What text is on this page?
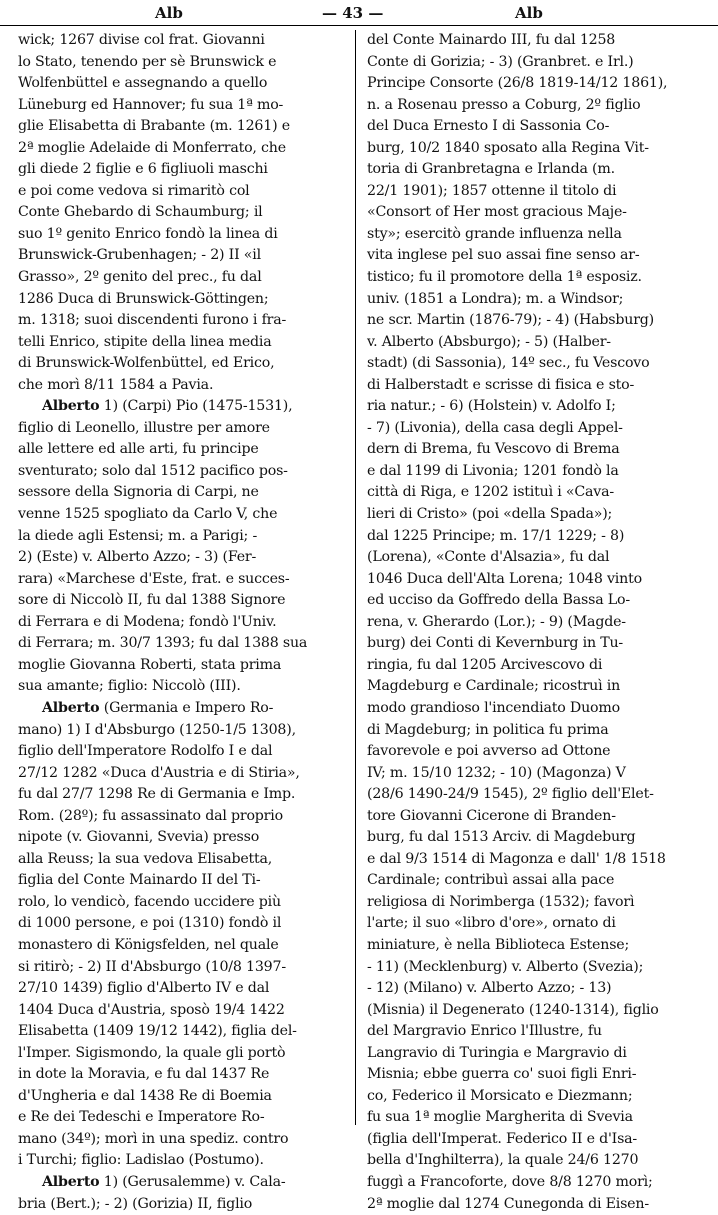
Alb	— 43 —	Alb
wick; 1267 divise col frat. Giovanni
lo Stato, tenendo per sè Brunswick e
Wolfenbüttel e assegnando a quello
Lüneburg ed Hannover; fu sua 1ª mo-
glie Elisabetta di Brabante (m. 1261) e
2ª moglie Adelaide di Monferrato, che
gli diede 2 figlie e 6 figliuoli maschi
e poi come vedova si rimaritò col
Conte Ghebardo di Schaumburg; il
suo 1º genito Enrico fondò la linea di
Brunswick-Grubenhagen; - 2) II «il
Grasso», 2º genito del prec., fu dal
1286 Duca di Brunswick-Göttingen;
m. 1318; suoi discendenti furono i fra-
telli Enrico, stipite della linea media
di Brunswick-Wolfenbüttel, ed Erico,
che morì 8/11 1584 a Pavia.
Alberto 1) (Carpi) Pio (1475-1531),
figlio di Leonello, illustre per amore
alle lettere ed alle arti, fu principe
sventurato; solo dal 1512 pacifico pos-
sessore della Signoria di Carpi, ne
venne 1525 spogliato da Carlo V, che
la diede agli Estensi; m. a Parigi; -
2) (Este) v. Alberto Azzo; - 3) (Fer-
rara) «Marchese d'Este, frat. e succes-
sore di Niccolò II, fu dal 1388 Signore
di Ferrara e di Modena; fondò l'Univ.
di Ferrara; m. 30/7 1393; fu dal 1388 sua
moglie Giovanna Roberti, stata prima
sua amante; figlio: Niccolò (III).
Alberto (Germania e Impero Ro-
mano) 1) I d'Absburgo (1250-1/5 1308),
figlio dell'Imperatore Rodolfo I e dal
27/12 1282 «Duca d'Austria e di Stiria»,
fu dal 27/7 1298 Re di Germania e Imp.
Rom. (28º); fu assassinato dal proprio
nipote (v. Giovanni, Svevia) presso
alla Reuss; la sua vedova Elisabetta,
figlia del Conte Mainardo II del Ti-
rolo, lo vendicò, facendo uccidere più
di 1000 persone, e poi (1310) fondò il
monastero di Königsfelden, nel quale
si ritirò; - 2) II d'Absburgo (10/8 1397-
27/10 1439) figlio d'Alberto IV e dal
1404 Duca d'Austria, sposò 19/4 1422
Elisabetta (1409 19/12 1442), figlia del-
l'Imper. Sigismondo, la quale gli portò
in dote la Moravia, e fu dal 1437 Re
d'Ungheria e dal 1438 Re di Boemia
e Re dei Tedeschi e Imperatore Ro-
mano (34º); morì in una spediz. contro
i Turchi; figlio: Ladislao (Postumo).
Alberto 1) (Gerusalemme) v. Cala-
bria (Bert.); - 2) (Gorizia) II, figlio
del Conte Mainardo III, fu dal 1258
Conte di Gorizia; - 3) (Granbret. e Irl.)
Principe Consorte (26/8 1819-14/12 1861),
n. a Rosenau presso a Coburg, 2º figlio
del Duca Ernesto I di Sassonia Co-
burg, 10/2 1840 sposato alla Regina Vit-
toria di Granbretagna e Irlanda (m.
22/1 1901); 1857 ottenne il titolo di
«Consort of Her most gracious Maje-
sty»; esercitò grande influenza nella
vita inglese pel suo assai fine senso ar-
tistico; fu il promotore della 1ª esposiz.
univ. (1851 a Londra); m. a Windsor;
ne scr. Martin (1876-79); - 4) (Habsburg)
v. Alberto (Absburgo); - 5) (Halber-
stadt) (di Sassonia), 14º sec., fu Vescovo
di Halberstadt e scrisse di fisica e sto-
ria natur.; - 6) (Holstein) v. Adolfo I;
- 7) (Livonia), della casa degli Appel-
dern di Brema, fu Vescovo di Brema
e dal 1199 di Livonia; 1201 fondò la
città di Riga, e 1202 istituì i «Cava-
lieri di Cristo» (poi «della Spada»);
dal 1225 Principe; m. 17/1 1229; - 8)
(Lorena), «Conte d'Alsazia», fu dal
1046 Duca dell'Alta Lorena; 1048 vinto
ed ucciso da Goffredo della Bassa Lo-
rena, v. Gherardo (Lor.); - 9) (Magde-
burg) dei Conti di Kevernburg in Tu-
ringia, fu dal 1205 Arcivescovo di
Magdeburg e Cardinale; ricostruì in
modo grandioso l'incendiato Duomo
di Magdeburg; in politica fu prima
favorevole e poi avverso ad Ottone
IV; m. 15/10 1232; - 10) (Magonza) V
(28/6 1490-24/9 1545), 2º figlio dell'Elet-
tore Giovanni Cicerone di Branden-
burg, fu dal 1513 Arciv. di Magdeburg
e dal 9/3 1514 di Magonza e dall' 1/8 1518
Cardinale; contribuì assai alla pace
religiosa di Norimberga (1532); favorì
l'arte; il suo «libro d'ore», ornato di
miniature, è nella Biblioteca Estense;
- 11) (Mecklenburg) v. Alberto (Svezia);
- 12) (Milano) v. Alberto Azzo; - 13)
(Misnia) il Degenerato (1240-1314), figlio
del Margravio Enrico l'Illustre, fu
Langravio di Turingia e Margravio di
Misnia; ebbe guerra co' suoi figli Enri-
co, Federico il Morsicato e Diezmann;
fu sua 1ª moglie Margherita di Svevia
(figlia dell'Imperat. Federico II e d'Isa-
bella d'Inghilterra), la quale 24/6 1270
fuggì a Francoforte, dove 8/8 1270 morì;
2ª moglie dal 1274 Cunegonda di Eisen-
